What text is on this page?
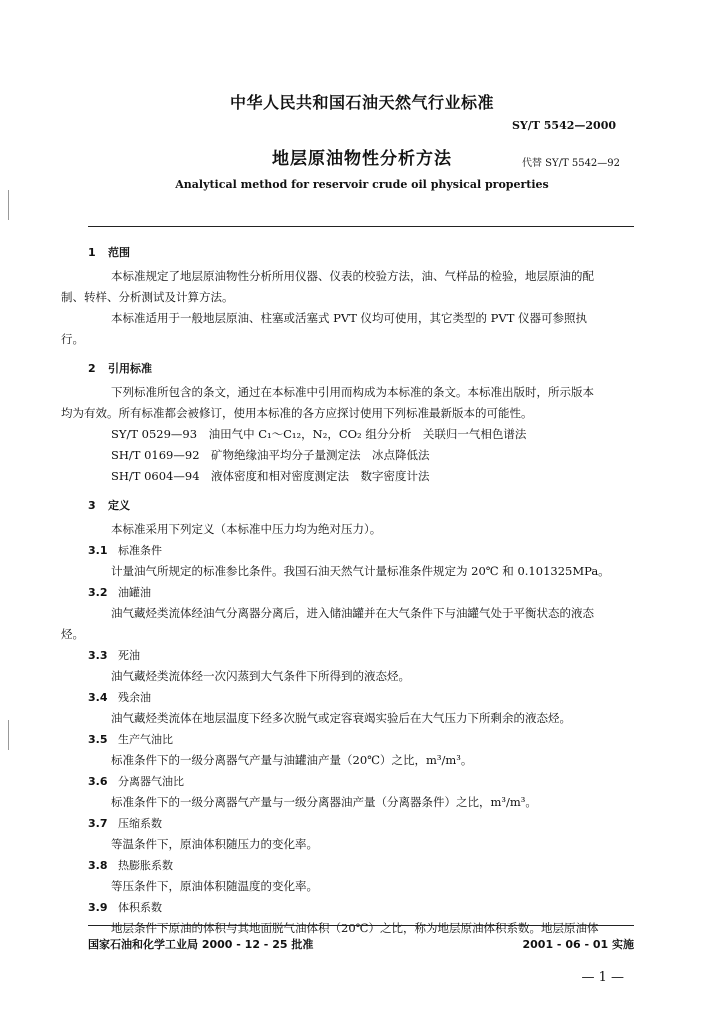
中华人民共和国石油天然气行业标准
SY/T 5542—2000
地层原油物性分析方法	代替 SY/T 5542—92
Analytical method for reservoir crude oil physical properties
1 范围
本标准规定了地层原油物性分析所用仪器、仪表的校验方法，油、气样品的检验，地层原油的配
制、转样、分析测试及计算方法。
本标准适用于一般地层原油、柱塞或活塞式 PVT 仪均可使用，其它类型的 PVT 仪器可参照执
行。
2 引用标准
下列标准所包含的条文，通过在本标准中引用而构成为本标准的条文。本标准出版时，所示版本
均为有效。所有标准都会被修订，使用本标准的各方应探讨使用下列标准最新版本的可能性。
SY/T 0529—93　油田气中 C₁～C₁₂，N₂，CO₂ 组分分析　关联归一气相色谱法
SH/T 0169—92　矿物绝缘油平均分子量测定法　冰点降低法
SH/T 0604—94　液体密度和相对密度测定法　数字密度计法
3 定义
本标准采用下列定义（本标准中压力均为绝对压力）。
3.1 标准条件
计量油气所规定的标准参比条件。我国石油天然气计量标准条件规定为 20℃ 和 0.101325MPa。
3.2 油罐油
油气藏烃类流体经油气分离器分离后，进入储油罐并在大气条件下与油罐气处于平衡状态的液态
烃。
3.3 死油
油气藏烃类流体经一次闪蒸到大气条件下所得到的液态烃。
3.4 残余油
油气藏烃类流体在地层温度下经多次脱气或定容衰竭实验后在大气压力下所剩余的液态烃。
3.5 生产气油比
标准条件下的一级分离器气产量与油罐油产量（20℃）之比，m³/m³。
3.6 分离器气油比
标准条件下的一级分离器气产量与一级分离器油产量（分离器条件）之比，m³/m³。
3.7 压缩系数
等温条件下，原油体积随压力的变化率。
3.8 热膨胀系数
等压条件下，原油体积随温度的变化率。
3.9 体积系数
地层条件下原油的体积与其地面脱气油体积（20℃）之比，称为地层原油体积系数。地层原油体
国家石油和化学工业局 2000 - 12 - 25 批准	2001 - 06 - 01 实施
— 1 —
